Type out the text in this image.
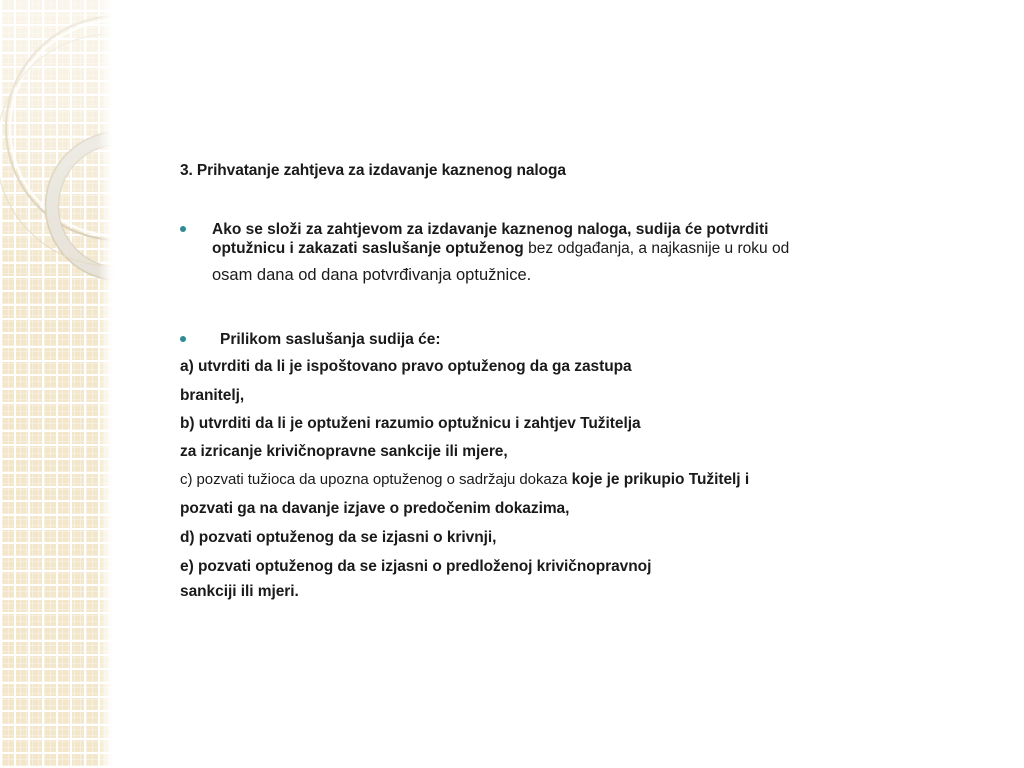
3. Prihvatanje zahtjeva za izdavanje kaznenog naloga
Ako se složi za zahtjevom za izdavanje kaznenog naloga, sudija će potvrditi
optužnicu i zakazati saslušanje optuženog bez odgađanja, a najkasnije u roku od
osam dana od dana potvrđivanja optužnice.
Prilikom saslušanja sudija će:
a) utvrditi da li je ispoštovano pravo optuženog da ga zastupa
branitelj,
b) utvrditi da li je optuženi razumio optužnicu i zahtjev Tužitelja
za izricanje krivičnopravne sankcije ili mjere,
c) pozvati tužioca da upozna optuženog o sadržaju dokaza koje je prikupio Tužitelj i
pozvati ga na davanje izjave o predočenim dokazima,
d) pozvati optuženog da se izjasni o krivnji,
e) pozvati optuženog da se izjasni o predloženoj krivičnopravnoj
sankciji ili mjeri.
